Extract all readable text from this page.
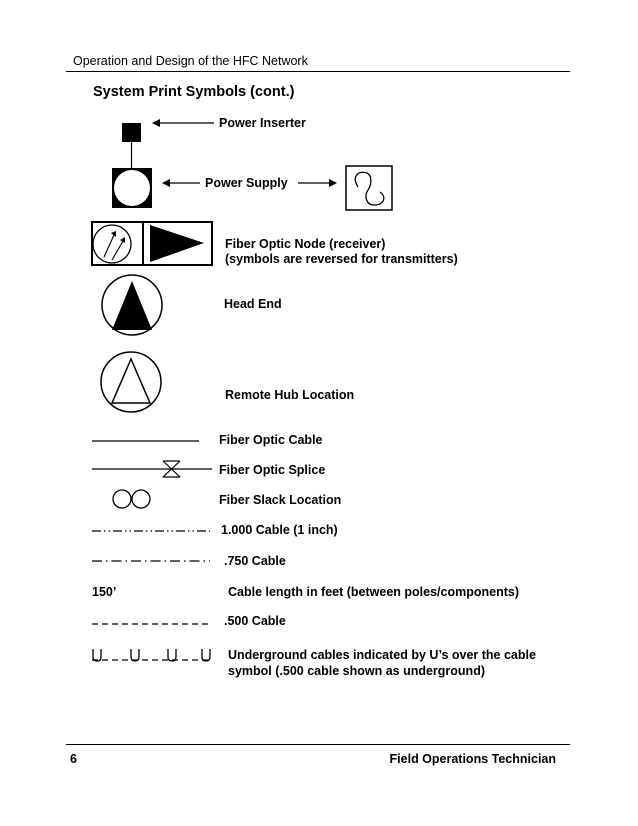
Operation and Design of the HFC Network
System Print Symbols (cont.)
Power Inserter
Power Supply
Fiber Optic Node (receiver)
(symbols are reversed for transmitters)
Head End
Remote Hub Location
Fiber Optic Cable
Fiber Optic Splice
Fiber Slack Location
1.000 Cable (1 inch)
.750 Cable
150’	Cable length in feet (between poles/components)
.500 Cable
Underground cables indicated by U’s over the cable
symbol (.500 cable shown as underground)
6	Field Operations Technician
